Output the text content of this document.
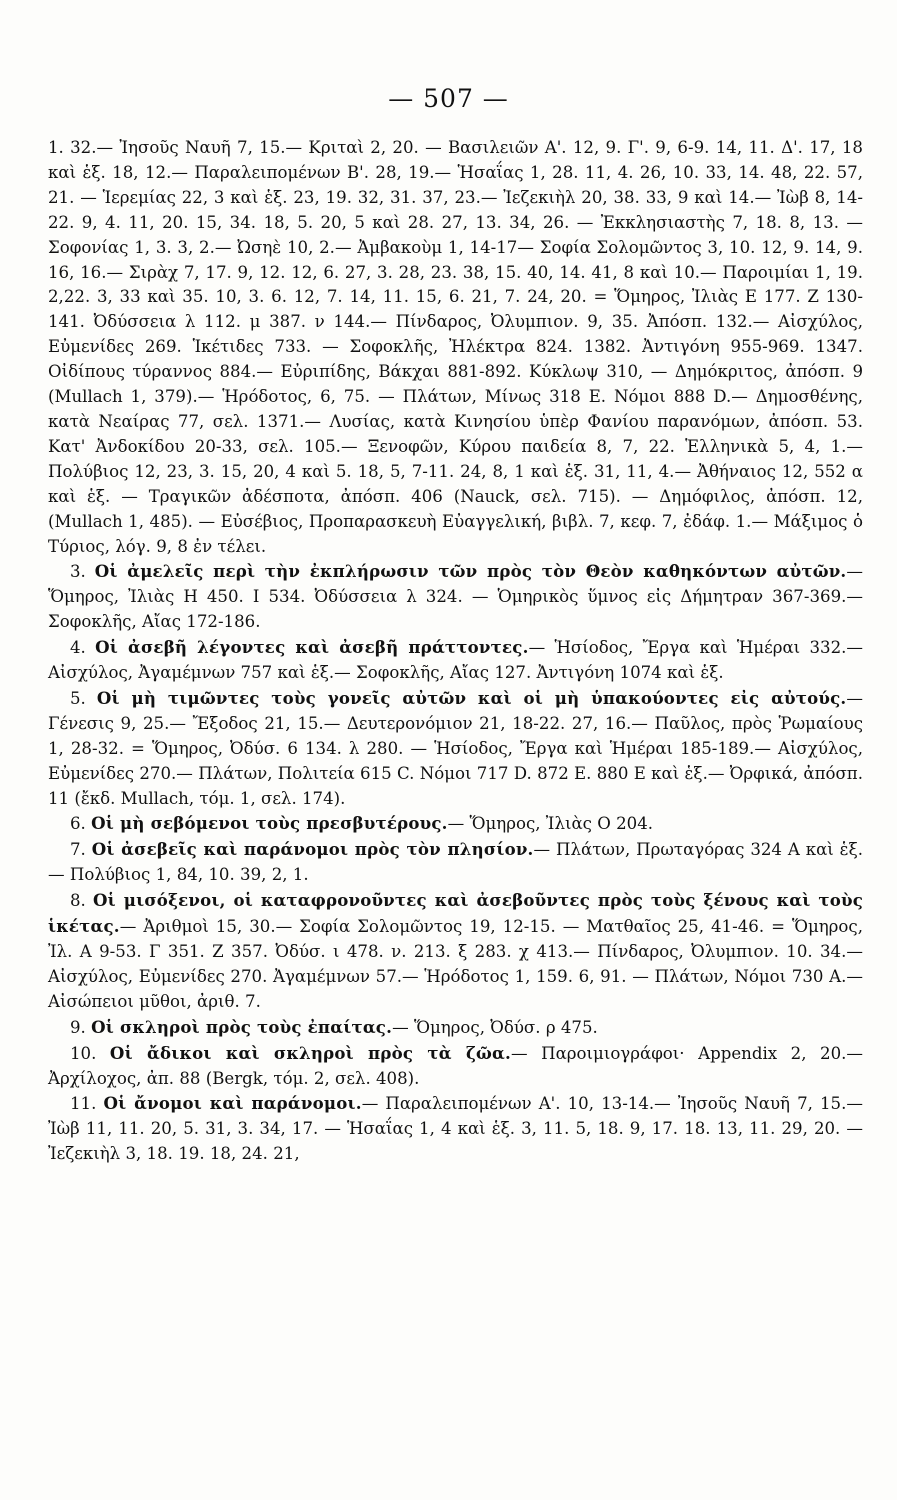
— 507 —

1. 32.— Ἰησοῦς Ναυῆ 7, 15.— Κριταὶ 2, 20. — Βασιλειῶν Α'. 12, 9. Γ'. 9, 6-9. 14, 11. Δ'. 17, 18 καὶ ἑξ. 18, 12.— Παραλειπομένων Β'. 28, 19.— Ἡσαΐας 1, 28. 11, 4. 26, 10. 33, 14. 48, 22. 57, 21. — Ἱερεμίας 22, 3 καὶ ἑξ. 23, 19. 32, 31. 37, 23.— Ἰεζεκιὴλ 20, 38. 33, 9 καὶ 14.— Ἰὼβ 8, 14-22. 9, 4. 11, 20. 15, 34. 18, 5. 20, 5 καὶ 28. 27, 13. 34, 26. — Ἐκκλησιαστὴς 7, 18. 8, 13. — Σοφονίας 1, 3. 3, 2.— Ὠσηὲ 10, 2.— Ἀμβακοὺμ 1, 14-17— Σοφία Σολομῶντος 3, 10. 12, 9. 14, 9. 16, 16.— Σιρὰχ 7, 17. 9, 12. 12, 6. 27, 3. 28, 23. 38, 15. 40, 14. 41, 8 καὶ 10.— Παροιμίαι 1, 19. 2,22. 3, 33 καὶ 35. 10, 3. 6. 12, 7. 14, 11. 15, 6. 21, 7. 24, 20. = Ὅμηρος, Ἰλιὰς Ε 177. Ζ 130-141. Ὀδύσσεια λ 112. μ 387. ν 144.— Πίνδαρος, Ὀλυμπιον. 9, 35. Ἀπόσπ. 132.— Αἰσχύλος, Εὐμενίδες 269. Ἱκέτιδες 733. — Σοφοκλῆς, Ἠλέκτρα 824. 1382. Ἀντιγόνη 955-969. 1347. Οἰδίπους τύραννος 884.— Εὐριπίδης, Βάκχαι 881-892. Κύκλωψ 310, — Δημόκριτος, ἀπόσπ. 9 (Mullach 1, 379).— Ἡρόδοτος, 6, 75. — Πλάτων, Μίνως 318 Ε. Νόμοι 888 D.— Δημοσθένης, κατὰ Νεαίρας 77, σελ. 1371.— Λυσίας, κατὰ Κινησίου ὑπὲρ Φανίου παρανόμων, ἀπόσπ. 53. Κατ' Ἀνδοκίδου 20-33, σελ. 105.— Ξενοφῶν, Κύρου παιδεία 8, 7, 22. Ἑλληνικὰ 5, 4, 1.— Πολύβιος 12, 23, 3. 15, 20, 4 καὶ 5. 18, 5, 7-11. 24, 8, 1 καὶ ἑξ. 31, 11, 4.— Ἀθήναιος 12, 552 α καὶ ἑξ. — Τραγικῶν ἀδέσποτα, ἀπόσπ. 406 (Nauck, σελ. 715). — Δημόφιλος, ἀπόσπ. 12, (Mullach 1, 485). — Εὐσέβιος, Προπαρασκευὴ Εὐαγγελική, βιβλ. 7, κεφ. 7, ἐδάφ. 1.— Μάξιμος ὁ Τύριος, λόγ. 9, 8 ἐν τέλει.

3. Οἱ ἀμελεῖς περὶ τὴν ἐκπλήρωσιν τῶν πρὸς τὸν Θεὸν καθηκόντων αὐτῶν.— Ὅμηρος, Ἰλιὰς Η 450. Ι 534. Ὀδύσσεια λ 324. — Ὁμηρικὸς ὕμνος εἰς Δήμητραν 367-369.— Σοφοκλῆς, Αἴας 172-186.

4. Οἱ ἀσεβῆ λέγοντες καὶ ἀσεβῆ πράττοντες.— Ἡσίοδος, Ἔργα καὶ Ἡμέραι 332.— Αἰσχύλος, Ἀγαμέμνων 757 καὶ ἑξ.— Σοφοκλῆς, Αἴας 127. Ἀντιγόνη 1074 καὶ ἑξ.

5. Οἱ μὴ τιμῶντες τοὺς γονεῖς αὐτῶν καὶ οἱ μὴ ὑπακούοντες εἰς αὐτούς.— Γένεσις 9, 25.— Ἔξοδος 21, 15.— Δευτερονόμιον 21, 18-22. 27, 16.— Παῦλος, πρὸς Ῥωμαίους 1, 28-32. = Ὅμηρος, Ὀδύσ. 6 134. λ 280. — Ἡσίοδος, Ἔργα καὶ Ἡμέραι 185-189.— Αἰσχύλος, Εὐμενίδες 270.— Πλάτων, Πολιτεία 615 C. Νόμοι 717 D. 872 E. 880 E καὶ ἑξ.— Ὀρφικά, ἀπόσπ. 11 (ἔκδ. Mullach, τόμ. 1, σελ. 174).

6. Οἱ μὴ σεβόμενοι τοὺς πρεσβυτέρους.— Ὅμηρος, Ἰλιὰς Ο 204.

7. Οἱ ἀσεβεῖς καὶ παράνομοι πρὸς τὸν πλησίον.— Πλάτων, Πρωταγόρας 324 Α καὶ ἑξ.— Πολύβιος 1, 84, 10. 39, 2, 1.

8. Οἱ μισόξενοι, οἱ καταφρονοῦντες καὶ ἀσεβοῦντες πρὸς τοὺς ξένους καὶ τοὺς ἱκέτας.— Ἀριθμοὶ 15, 30.— Σοφία Σολομῶντος 19, 12-15. — Ματθαῖος 25, 41-46. = Ὅμηρος, Ἰλ. Α 9-53. Γ 351. Ζ 357. Ὀδύσ. ι 478. ν. 213. ξ 283. χ 413.— Πίνδαρος, Ὀλυμπιον. 10. 34.— Αἰσχύλος, Εὐμενίδες 270. Ἀγαμέμνων 57.— Ἡρόδοτος 1, 159. 6, 91. — Πλάτων, Νόμοι 730 Α.— Αἰσώπειοι μῦθοι, ἀριθ. 7.

9. Οἱ σκληροὶ πρὸς τοὺς ἐπαίτας.— Ὅμηρος, Ὀδύσ. ρ 475.

10. Οἱ ἄδικοι καὶ σκληροὶ πρὸς τὰ ζῶα.— Παροιμιογράφοι· Appendix 2, 20.— Ἀρχίλοχος, ἀπ. 88 (Bergk, τόμ. 2, σελ. 408).

11. Οἱ ἄνομοι καὶ παράνομοι.— Παραλειπομένων Α'. 10, 13-14.— Ἰησοῦς Ναυῆ 7, 15.— Ἰὼβ 11, 11. 20, 5. 31, 3. 34, 17. — Ἡσαΐας 1, 4 καὶ ἑξ. 3, 11. 5, 18. 9, 17. 18. 13, 11. 29, 20. — Ἰεζεκιὴλ 3, 18. 19. 18, 24. 21,
